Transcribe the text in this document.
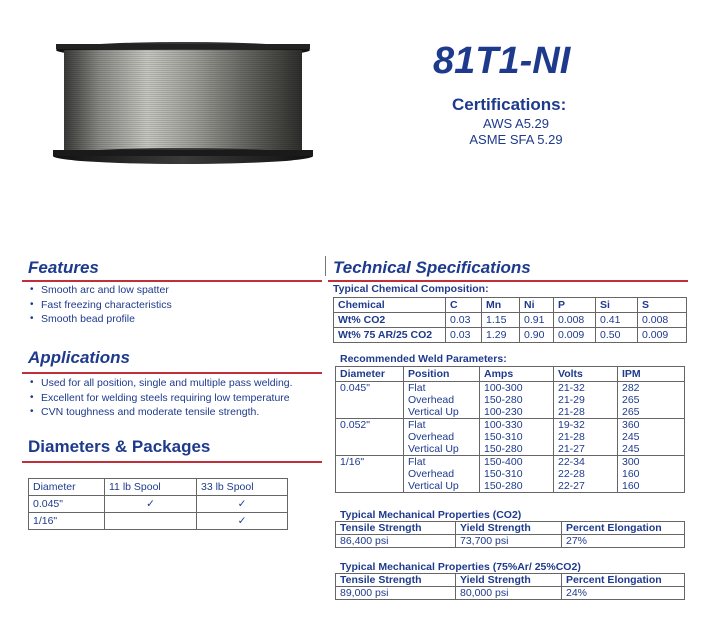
81T1-NI
Certifications:
AWS A5.29
ASME SFA 5.29
Features
• Smooth arc and low spatter
• Fast freezing characteristics
• Smooth bead profile
Applications
• Used for all position, single and multiple pass welding.
• Excellent for welding steels requiring low temperature
• CVN toughness and moderate tensile strength.
Diameters & Packages
Diameter	11 lb Spool	33 lb Spool
0.045"	✓	✓
1/16"		✓
Technical Specifications
Typical Chemical Composition:
Chemical	C	Mn	Ni	P	Si	S
Wt% CO2	0.03	1.15	0.91	0.008	0.41	0.008
Wt% 75 AR/25 CO2	0.03	1.29	0.90	0.009	0.50	0.009
Recommended Weld Parameters:
Diameter	Position	Amps	Volts	IPM
0.045"	Flat	100-300	21-32	282
	Overhead	150-280	21-29	265
	Vertical Up	100-230	21-28	265
0.052"	Flat	100-330	19-32	360
	Overhead	150-310	21-28	245
	Vertical Up	150-280	21-27	245
1/16"	Flat	150-400	22-34	300
	Overhead	150-310	22-28	160
	Vertical Up	150-280	22-27	160
Typical Mechanical Properties (CO2)
Tensile Strength	Yield Strength	Percent Elongation
86,400 psi	73,700 psi	27%
Typical Mechanical Properties (75%Ar/ 25%CO2)
Tensile Strength	Yield Strength	Percent Elongation
89,000 psi	80,000 psi	24%
